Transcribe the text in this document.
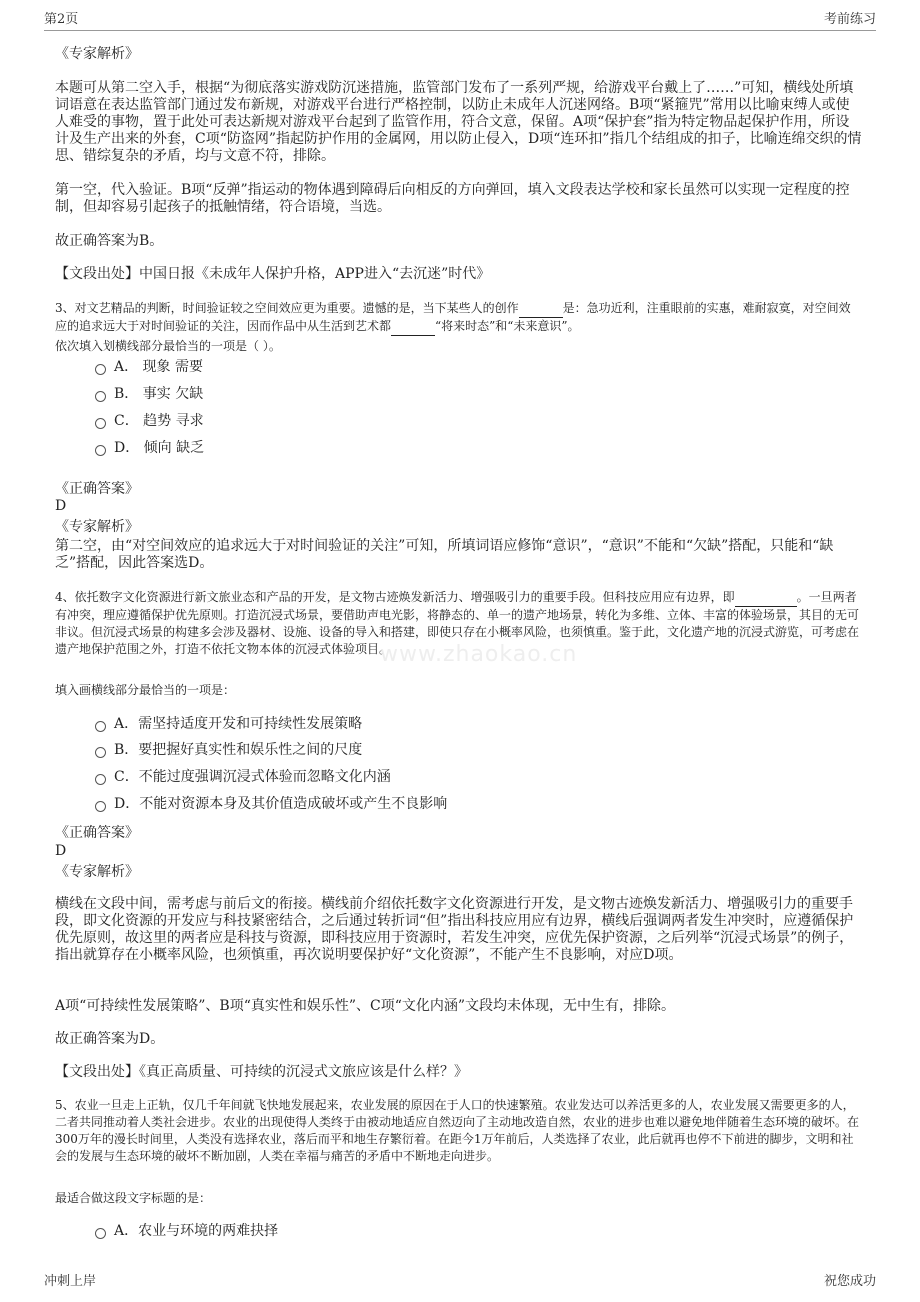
第2页	考前练习
《专家解析》
本题可从第二空入手，根据“为彻底落实游戏防沉迷措施，监管部门发布了一系列严规，给游戏平台戴上了……”可知，横线处所填词语意在表达监管部门通过发布新规，对游戏平台进行严格控制，以防止未成年人沉迷网络。B项“紧箍咒”常用以比喻束缚人或使人难受的事物，置于此处可表达新规对游戏平台起到了监管作用，符合文意，保留。A项“保护套”指为特定物品起保护作用，所设计及生产出来的外套，C项“防盗网”指起防护作用的金属网，用以防止侵入，D项“连环扣”指几个结组成的扣子，比喻连绵交织的情思、错综复杂的矛盾，均与文意不符，排除。
第一空，代入验证。B项“反弹”指运动的物体遇到障碍后向相反的方向弹回，填入文段表达学校和家长虽然可以实现一定程度的控制，但却容易引起孩子的抵触情绪，符合语境，当选。
故正确答案为B。
【文段出处】中国日报《未成年人保护升格，APP进入“去沉迷”时代》
3、对文艺精品的判断，时间验证较之空间效应更为重要。遗憾的是，当下某些人的创作	是：急功近利，注重眼前的实惠，难耐寂寞，对空间效应的追求远大于对时间验证的关注，因而作品中从生活到艺术都	“将来时态”和“未来意识”。
依次填入划横线部分最恰当的一项是（ ）。
A． 现象 需要
B． 事实 欠缺
C． 趋势 寻求
D． 倾向 缺乏
《正确答案》
D
《专家解析》
第二空，由“对空间效应的追求远大于对时间验证的关注”可知，所填词语应修饰“意识”，“意识”不能和“欠缺”搭配，只能和“缺乏”搭配，因此答案选D。
4、依托数字文化资源进行新文旅业态和产品的开发，是文物古迹焕发新活力、增强吸引力的重要手段。但科技应用应有边界，即	。一旦两者有冲突，理应遵循保护优先原则。打造沉浸式场景，要借助声电光影，将静态的、单一的遗产地场景，转化为多维、立体、丰富的体验场景，其目的无可非议。但沉浸式场景的构建多会涉及器材、设施、设备的导入和搭建，即使只存在小概率风险，也须慎重。鉴于此，文化遗产地的沉浸式游览，可考虑在遗产地保护范围之外，打造不依托文物本体的沉浸式体验项目。
www.zhaokao.cn
填入画横线部分最恰当的一项是：
A．需坚持适度开发和可持续性发展策略
B．要把握好真实性和娱乐性之间的尺度
C．不能过度强调沉浸式体验而忽略文化内涵
D．不能对资源本身及其价值造成破坏或产生不良影响
《正确答案》
D
《专家解析》
横线在文段中间，需考虑与前后文的衔接。横线前介绍依托数字文化资源进行开发，是文物古迹焕发新活力、增强吸引力的重要手段，即文化资源的开发应与科技紧密结合，之后通过转折词“但”指出科技应用应有边界，横线后强调两者发生冲突时，应遵循保护优先原则，故这里的两者应是科技与资源，即科技应用于资源时，若发生冲突，应优先保护资源，之后列举“沉浸式场景”的例子，指出就算存在小概率风险，也须慎重，再次说明要保护好“文化资源”，不能产生不良影响，对应D项。
A项“可持续性发展策略”、B项“真实性和娱乐性”、C项“文化内涵”文段均未体现，无中生有，排除。
故正确答案为D。
【文段出处】《真正高质量、可持续的沉浸式文旅应该是什么样？》
5、农业一旦走上正轨，仅几千年间就飞快地发展起来，农业发展的原因在于人口的快速繁殖。农业发达可以养活更多的人，农业发展又需要更多的人，二者共同推动着人类社会进步。农业的出现使得人类终于由被动地适应自然迈向了主动地改造自然，农业的进步也难以避免地伴随着生态环境的破坏。在300万年的漫长时间里，人类没有选择农业，落后而平和地生存繁衍着。在距今1万年前后，人类选择了农业，此后就再也停不下前进的脚步，文明和社会的发展与生态环境的破坏不断加剧，人类在幸福与痛苦的矛盾中不断地走向进步。
最适合做这段文字标题的是：
A．农业与环境的两难抉择
冲刺上岸	祝您成功
